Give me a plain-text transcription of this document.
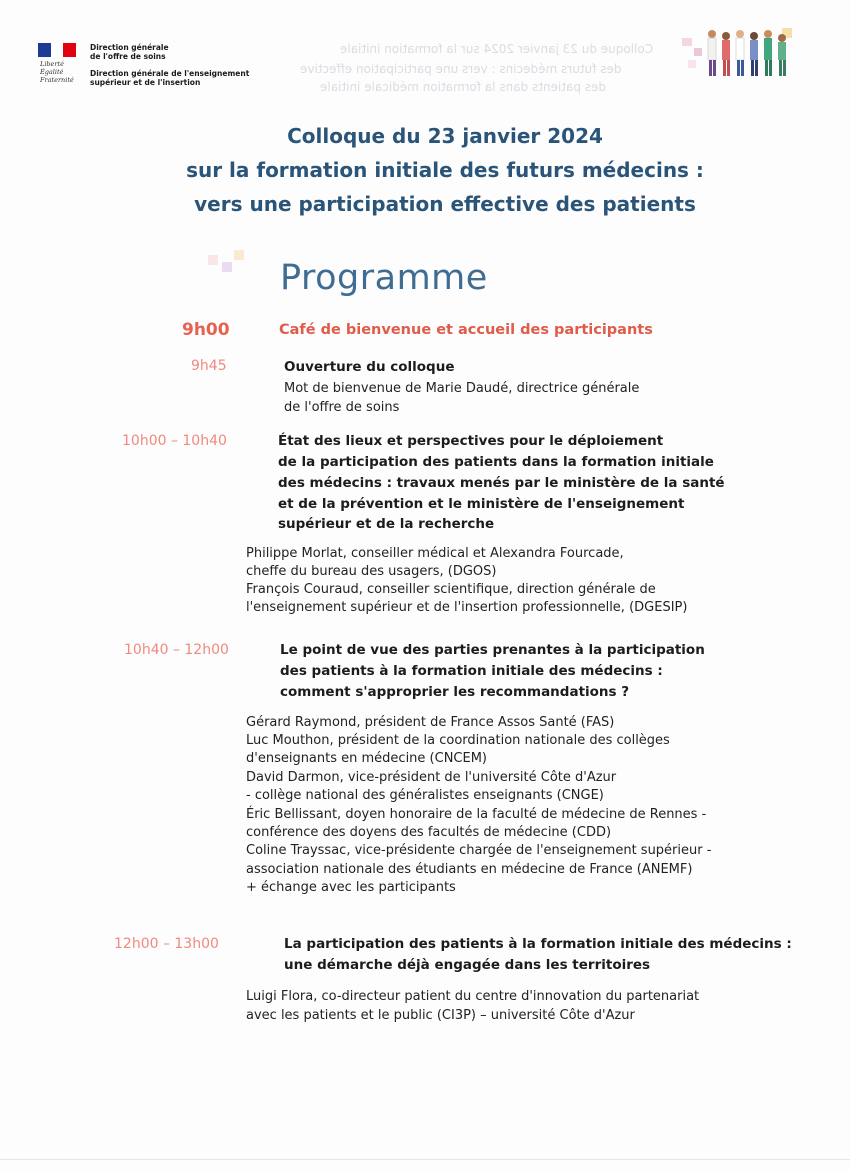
Colloque du 23 janvier 2024 sur la formation initiale
des futurs médecins : vers une participation effective
des patients dans la formation médicale initiale
Liberté
Égalité
Fraternité
Direction générale
de l'offre de soins
Direction générale de l'enseignement
supérieur et de l'insertion
Colloque du 23 janvier 2024
sur la formation initiale des futurs médecins :
vers une participation effective des patients
Programme
9h00	Café de bienvenue et accueil des participants
9h45	Ouverture du colloque
Mot de bienvenue de Marie Daudé, directrice générale
de l'offre de soins
10h00 – 10h40	État des lieux et perspectives pour le déploiement
de la participation des patients dans la formation initiale
des médecins : travaux menés par le ministère de la santé
et de la prévention et le ministère de l'enseignement
supérieur et de la recherche
Philippe Morlat, conseiller médical et Alexandra Fourcade,
cheffe du bureau des usagers, (DGOS)
François Couraud, conseiller scientifique, direction générale de
l'enseignement supérieur et de l'insertion professionnelle, (DGESIP)
10h40 – 12h00	Le point de vue des parties prenantes à la participation
des patients à la formation initiale des médecins :
comment s'approprier les recommandations ?
Gérard Raymond, président de France Assos Santé (FAS)
Luc Mouthon, président de la coordination nationale des collèges
d'enseignants en médecine (CNCEM)
David Darmon, vice-président de l'université Côte d'Azur
- collège national des généralistes enseignants (CNGE)
Éric Bellissant, doyen honoraire de la faculté de médecine de Rennes -
conférence des doyens des facultés de médecine (CDD)
Coline Trayssac, vice-présidente chargée de l'enseignement supérieur -
association nationale des étudiants en médecine de France (ANEMF)
+ échange avec les participants
12h00 – 13h00	La participation des patients à la formation initiale des médecins :
une démarche déjà engagée dans les territoires
Luigi Flora, co-directeur patient du centre d'innovation du partenariat
avec les patients et le public (CI3P) – université Côte d'Azur
